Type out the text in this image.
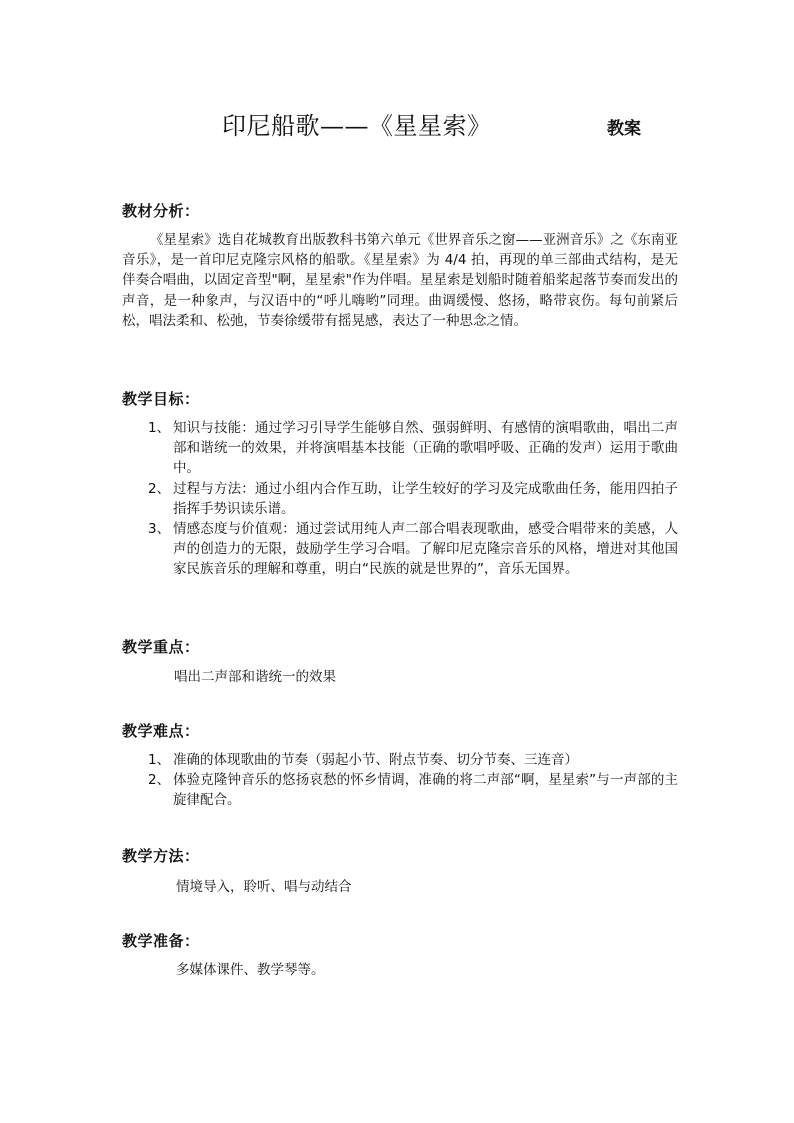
印尼船歌——《星星索》	教案
教材分析：
《星星索》选自花城教育出版教科书第六单元《世界音乐之窗——亚洲音乐》之《东南亚音乐》，是一首印尼克隆宗风格的船歌。《星星索》为 4/4 拍，再现的单三部曲式结构，是无伴奏合唱曲，以固定音型"啊，星星索"作为伴唱。星星索是划船时随着船桨起落节奏而发出的声音，是一种象声，与汉语中的“呼儿嗨哟”同理。曲调缓慢、悠扬，略带哀伤。每句前紧后松，唱法柔和、松弛，节奏徐缓带有摇晃感，表达了一种思念之情。
教学目标：
1、 知识与技能：通过学习引导学生能够自然、强弱鲜明、有感情的演唱歌曲，唱出二声部和谐统一的效果，并将演唱基本技能（正确的歌唱呼吸、正确的发声）运用于歌曲中。
2、 过程与方法：通过小组内合作互助，让学生较好的学习及完成歌曲任务，能用四拍子指挥手势识读乐谱。
3、 情感态度与价值观：通过尝试用纯人声二部合唱表现歌曲，感受合唱带来的美感，人声的创造力的无限，鼓励学生学习合唱。了解印尼克隆宗音乐的风格，增进对其他国家民族音乐的理解和尊重，明白“民族的就是世界的”，音乐无国界。
教学重点：
唱出二声部和谐统一的效果
教学难点：
1、 准确的体现歌曲的节奏（弱起小节、附点节奏、切分节奏、三连音）
2、 体验克隆钟音乐的悠扬哀愁的怀乡情调，准确的将二声部“啊，星星索”与一声部的主旋律配合。
教学方法：
情境导入，聆听、唱与动结合
教学准备：
多媒体课件、教学琴等。
